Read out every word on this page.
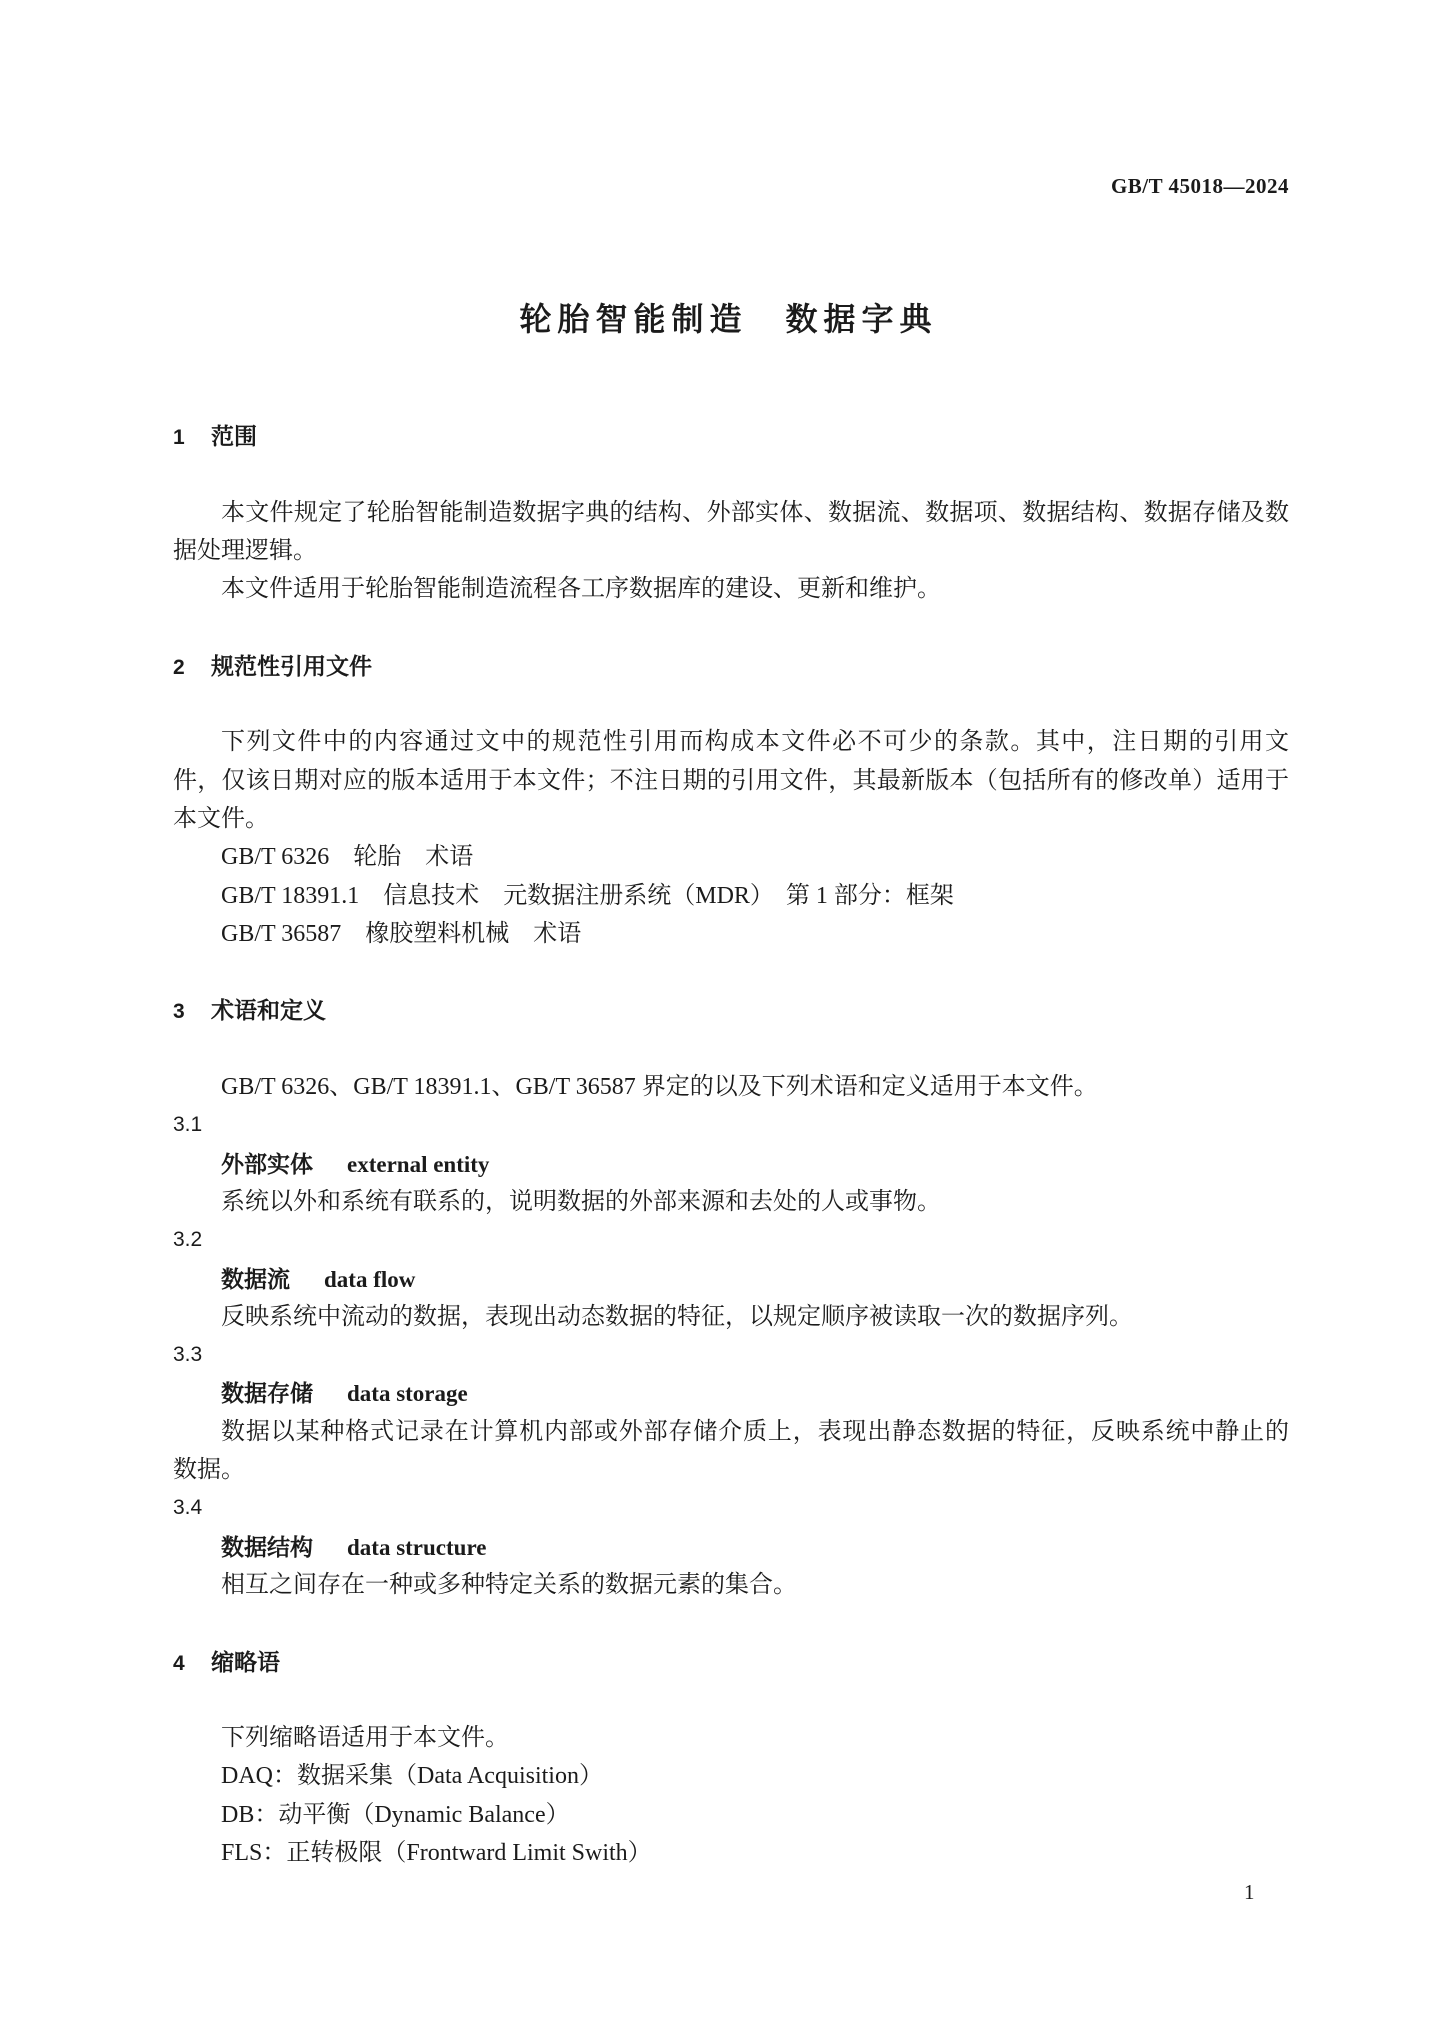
GB/T 45018—2024
轮胎智能制造　数据字典
1 范围
本文件规定了轮胎智能制造数据字典的结构、外部实体、数据流、数据项、数据结构、数据存储及数
据处理逻辑。
本文件适用于轮胎智能制造流程各工序数据库的建设、更新和维护。
2 规范性引用文件
下列文件中的内容通过文中的规范性引用而构成本文件必不可少的条款。其中，注日期的引用文
件，仅该日期对应的版本适用于本文件；不注日期的引用文件，其最新版本（包括所有的修改单）适用于
本文件。
GB/T 6326　轮胎　术语
GB/T 18391.1　信息技术　元数据注册系统（MDR）　第 1 部分：框架
GB/T 36587　橡胶塑料机械　术语
3 术语和定义
GB/T 6326、GB/T 18391.1、GB/T 36587 界定的以及下列术语和定义适用于本文件。
3.1
外部实体 external entity
系统以外和系统有联系的，说明数据的外部来源和去处的人或事物。
3.2
数据流 data flow
反映系统中流动的数据，表现出动态数据的特征，以规定顺序被读取一次的数据序列。
3.3
数据存储 data storage
数据以某种格式记录在计算机内部或外部存储介质上，表现出静态数据的特征，反映系统中静止的
数据。
3.4
数据结构 data structure
相互之间存在一种或多种特定关系的数据元素的集合。
4 缩略语
下列缩略语适用于本文件。
DAQ：数据采集（Data Acquisition）
DB：动平衡（Dynamic Balance）
FLS：正转极限（Frontward Limit Swith）
1
